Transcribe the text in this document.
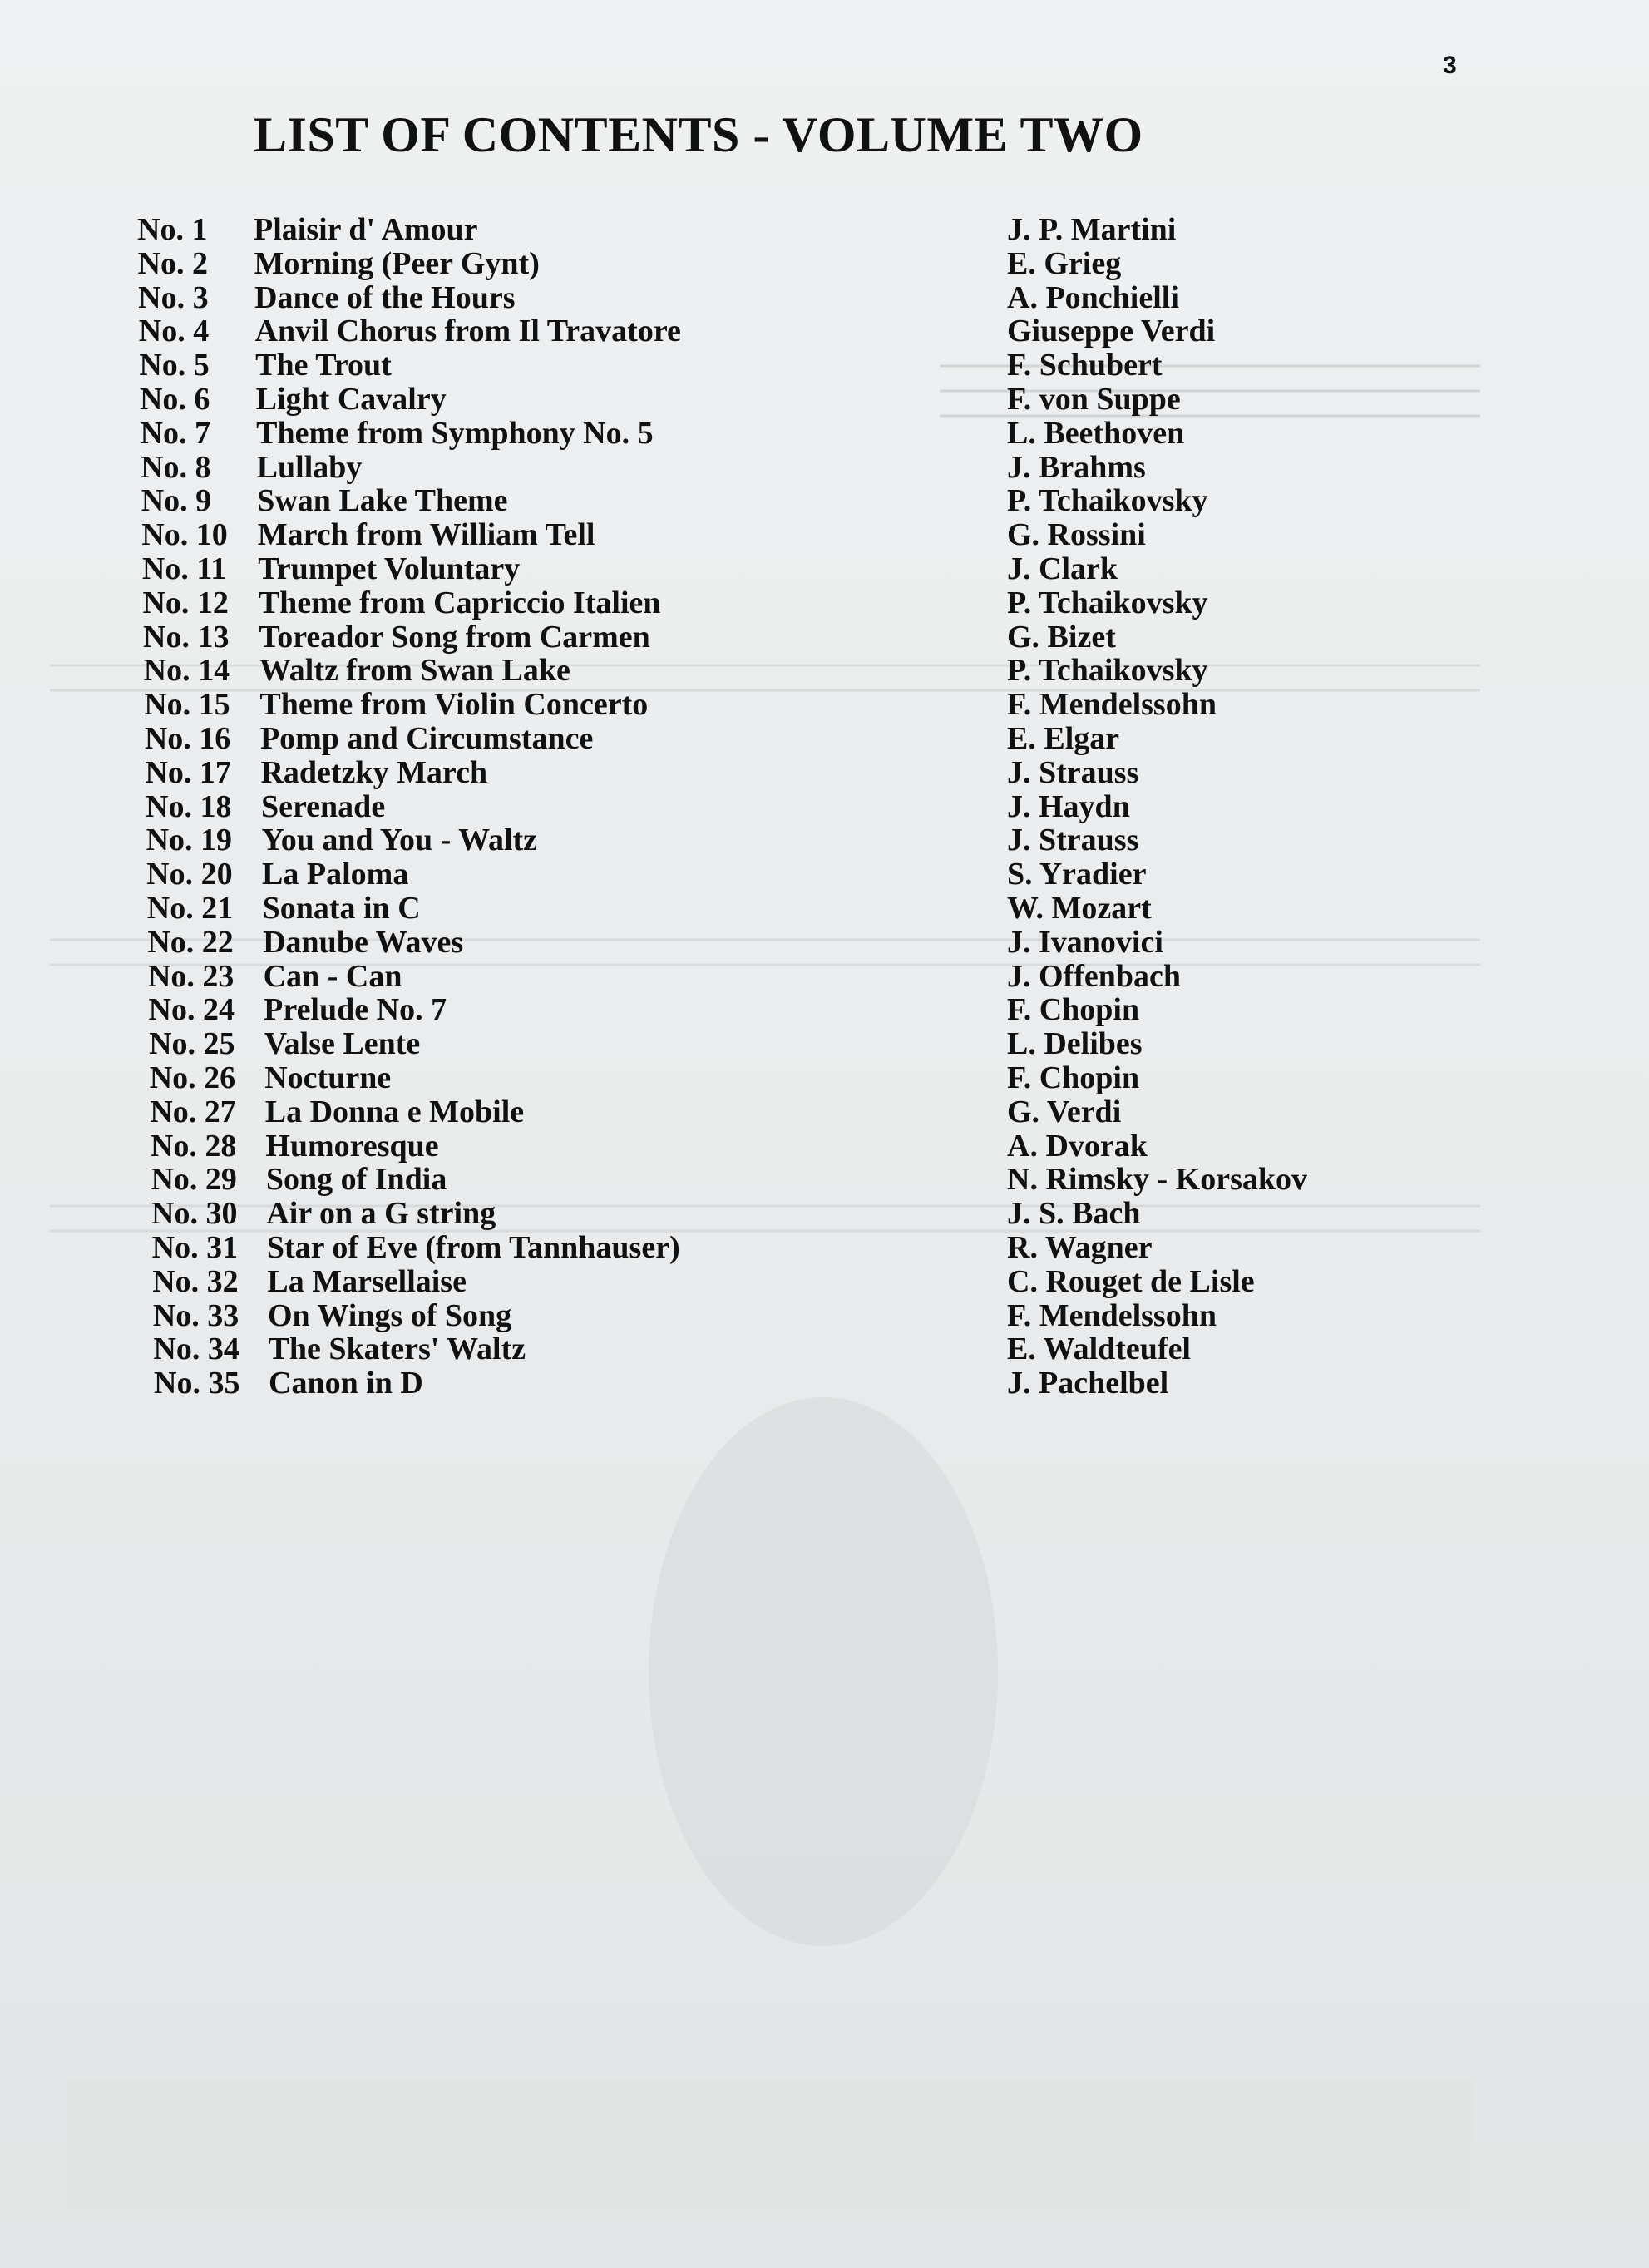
3
LIST OF CONTENTS - VOLUME TWO
No. 1 Plaisir d' Amour	J. P. Martini
No. 2 Morning (Peer Gynt)	E. Grieg
No. 3 Dance of the Hours	A. Ponchielli
No. 4 Anvil Chorus from Il Travatore	Giuseppe Verdi
No. 5 The Trout	F. Schubert
No. 6 Light Cavalry	F. von Suppe
No. 7 Theme from Symphony No. 5	L. Beethoven
No. 8 Lullaby	J. Brahms
No. 9 Swan Lake Theme	P. Tchaikovsky
No. 10 March from William Tell	G. Rossini
No. 11 Trumpet Voluntary	J. Clark
No. 12 Theme from Capriccio Italien	P. Tchaikovsky
No. 13 Toreador Song from Carmen	G. Bizet
No. 14 Waltz from Swan Lake	P. Tchaikovsky
No. 15 Theme from Violin Concerto	F. Mendelssohn
No. 16 Pomp and Circumstance	E. Elgar
No. 17 Radetzky March	J. Strauss
No. 18 Serenade	J. Haydn
No. 19 You and You - Waltz	J. Strauss
No. 20 La Paloma	S. Yradier
No. 21 Sonata in C	W. Mozart
No. 22 Danube Waves	J. Ivanovici
No. 23 Can - Can	J. Offenbach
No. 24 Prelude No. 7	F. Chopin
No. 25 Valse Lente	L. Delibes
No. 26 Nocturne	F. Chopin
No. 27 La Donna e Mobile	G. Verdi
No. 28 Humoresque	A. Dvorak
No. 29 Song of India	N. Rimsky - Korsakov
No. 30 Air on a G string	J. S. Bach
No. 31 Star of Eve (from Tannhauser)	R. Wagner
No. 32 La Marsellaise	C. Rouget de Lisle
No. 33 On Wings of Song	F. Mendelssohn
No. 34 The Skaters' Waltz	E. Waldteufel
No. 35 Canon in D	J. Pachelbel
